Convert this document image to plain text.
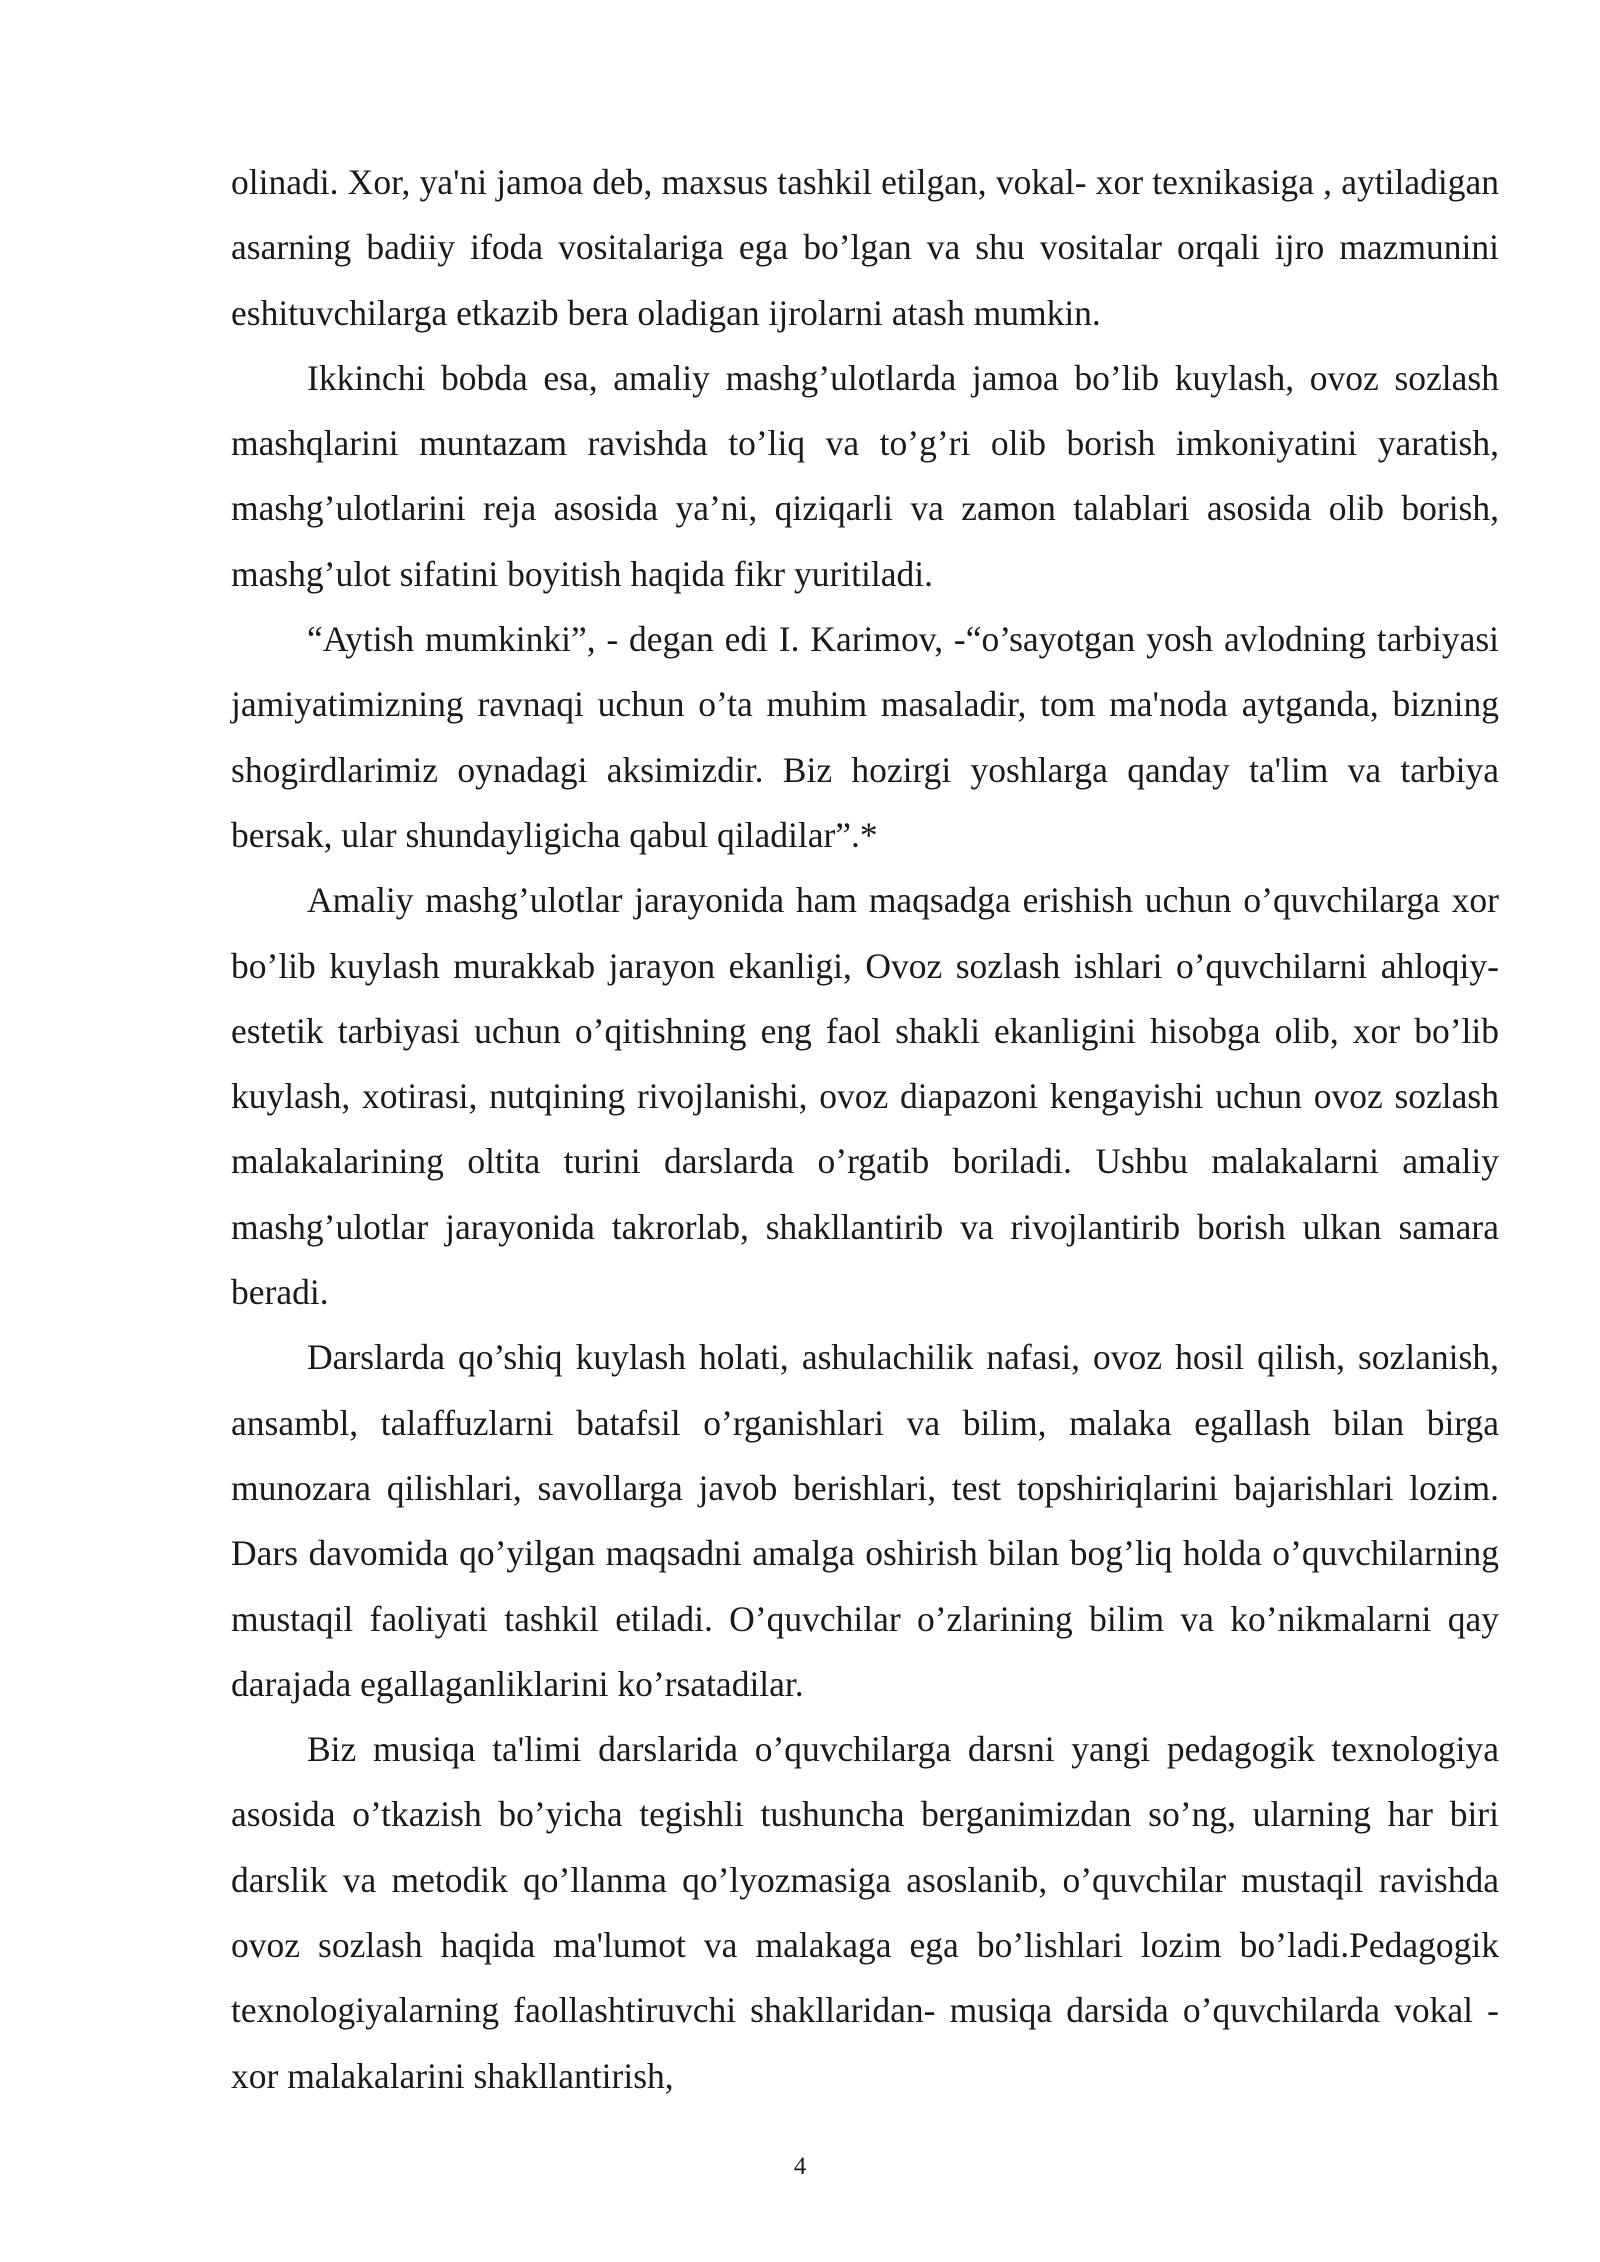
olinadi. Xor, ya'ni jamoa deb, maxsus tashkil etilgan, vokal- xor texnikasiga , aytiladigan asarning badiiy ifoda vositalariga ega bo’lgan va shu vositalar orqali ijro mazmunini eshituvchilarga etkazib bera oladigan ijrolarni atash mumkin.

Ikkinchi bobda esa, amaliy mashg’ulotlarda jamoa bo’lib kuylash, ovoz sozlash mashqlarini muntazam ravishda to’liq va to’g’ri olib borish imkoniyatini yaratish, mashg’ulotlarini reja asosida ya’ni, qiziqarli va zamon talablari asosida olib borish, mashg’ulot sifatini boyitish haqida fikr yuritiladi.

“Aytish mumkinki”, - degan edi I. Karimov, -“o’sayotgan yosh avlodning tarbiyasi jamiyatimizning ravnaqi uchun o’ta muhim masaladir, tom ma'noda aytganda, bizning shogirdlarimiz oynadagi aksimizdir. Biz hozirgi yoshlarga qanday ta'lim va tarbiya bersak, ular shundayligicha qabul qiladilar”.*

Amaliy mashg’ulotlar jarayonida ham maqsadga erishish uchun o’quvchilarga xor bo’lib kuylash murakkab jarayon ekanligi, Ovoz sozlash ishlari o’quvchilarni ahloqiy-estetik tarbiyasi uchun o’qitishning eng faol shakli ekanligini hisobga olib, xor bo’lib kuylash, xotirasi, nutqining rivojlanishi, ovoz diapazoni kengayishi uchun ovoz sozlash malakalarining oltita turini darslarda o’rgatib boriladi. Ushbu malakalarni amaliy mashg’ulotlar jarayonida takrorlab, shakllantirib va rivojlantirib borish ulkan samara beradi.

Darslarda qo’shiq kuylash holati, ashulachilik nafasi, ovoz hosil qilish, sozlanish, ansambl, talaffuzlarni batafsil o’rganishlari va bilim, malaka egallash bilan birga munozara qilishlari, savollarga javob berishlari, test topshiriqlarini bajarishlari lozim. Dars davomida qo’yilgan maqsadni amalga oshirish bilan bog’liq holda o’quvchilarning mustaqil faoliyati tashkil etiladi. O’quvchilar o’zlarining bilim va ko’nikmalarni qay darajada egallaganliklarini ko’rsatadilar.

Biz musiqa ta'limi darslarida o’quvchilarga darsni yangi pedagogik texnologiya asosida o’tkazish bo’yicha tegishli tushuncha berganimizdan so’ng, ularning har biri darslik va metodik qo’llanma qo’lyozmasiga asoslanib, o’quvchilar mustaqil ravishda ovoz sozlash haqida ma'lumot va malakaga ega bo’lishlari lozim bo’ladi.Pedagogik texnologiyalarning faollashtiruvchi shakllaridan- musiqa darsida o’quvchilarda vokal - xor malakalarini shakllantirish,

4
